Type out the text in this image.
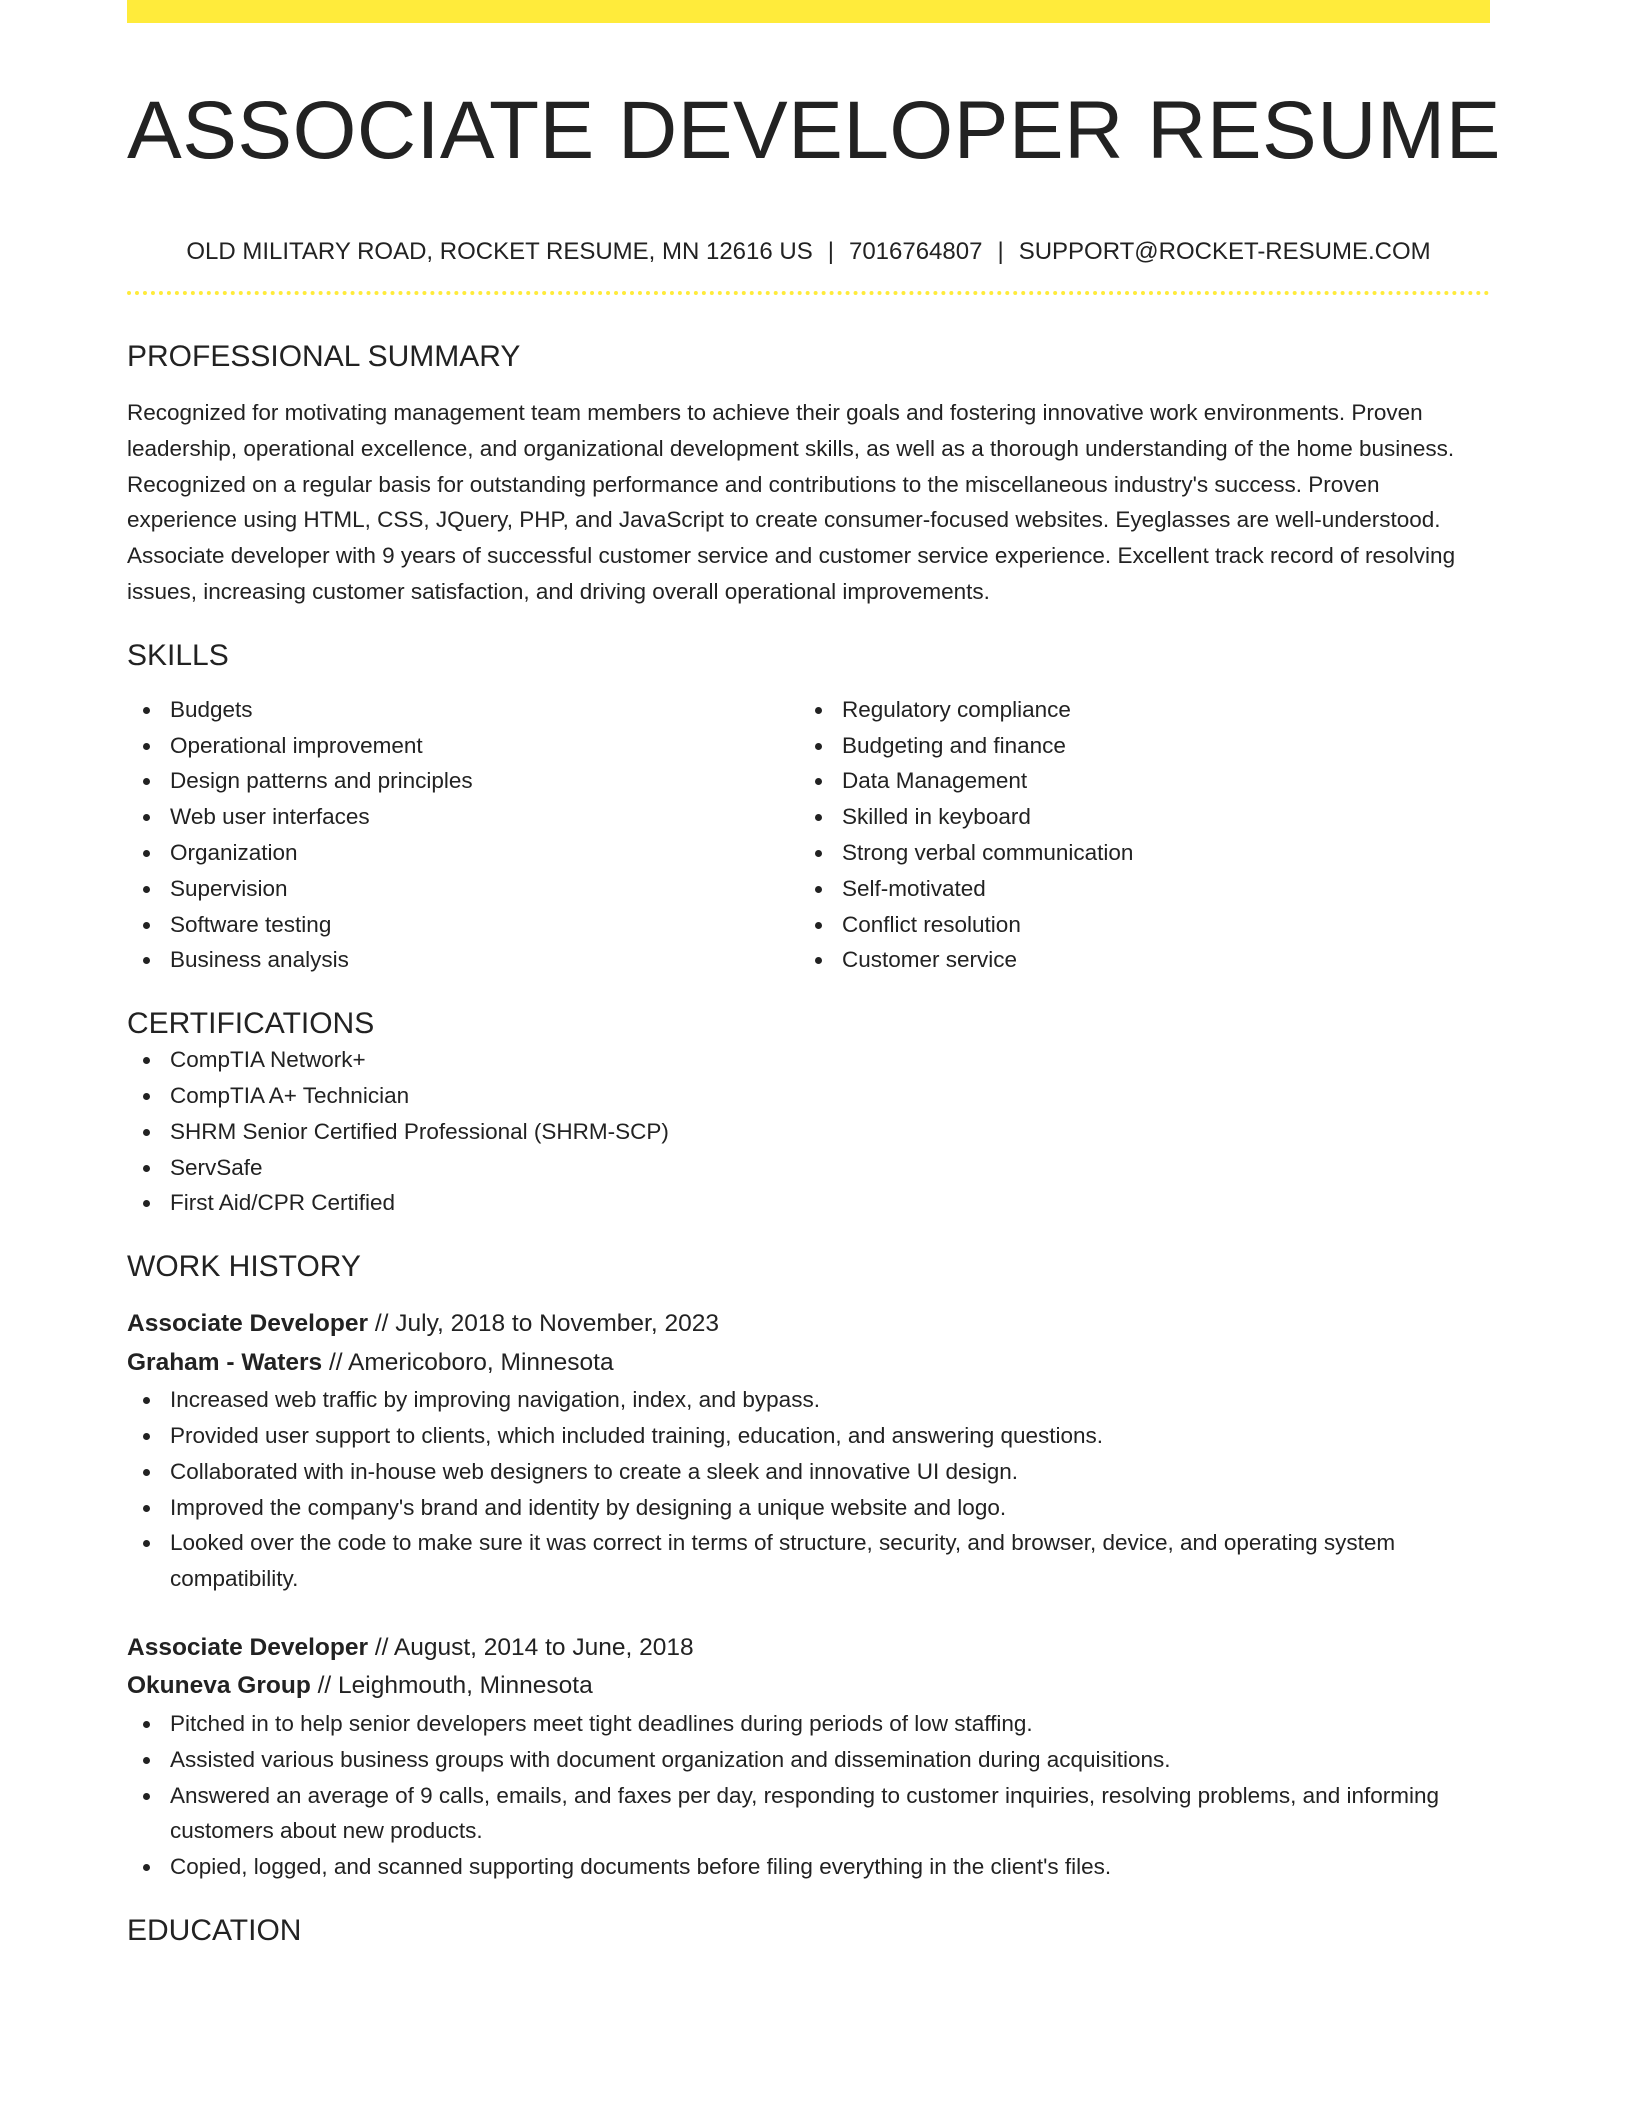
ASSOCIATE DEVELOPER RESUME
OLD MILITARY ROAD, ROCKET RESUME, MN 12616 US | 7016764807 | SUPPORT@ROCKET-RESUME.COM
PROFESSIONAL SUMMARY

Recognized for motivating management team members to achieve their goals and fostering innovative work environments. Proven leadership, operational excellence, and organizational development skills, as well as a thorough understanding of the home business. Recognized on a regular basis for outstanding performance and contributions to the miscellaneous industry's success. Proven experience using HTML, CSS, JQuery, PHP, and JavaScript to create consumer-focused websites. Eyeglasses are well-understood. Associate developer with 9 years of successful customer service and customer service experience. Excellent track record of resolving issues, increasing customer satisfaction, and driving overall operational improvements.

SKILLS
Budgets
Operational improvement
Design patterns and principles
Web user interfaces
Organization
Supervision
Software testing
Business analysis
Regulatory compliance
Budgeting and finance
Data Management
Skilled in keyboard
Strong verbal communication
Self-motivated
Conflict resolution
Customer service
CERTIFICATIONS
CompTIA Network+
CompTIA A+ Technician
SHRM Senior Certified Professional (SHRM-SCP)
ServSafe
First Aid/CPR Certified
WORK HISTORY
Associate Developer // July, 2018 to November, 2023
Graham - Waters // Americoboro, Minnesota
Increased web traffic by improving navigation, index, and bypass.
Provided user support to clients, which included training, education, and answering questions.
Collaborated with in-house web designers to create a sleek and innovative UI design.
Improved the company's brand and identity by designing a unique website and logo.
Looked over the code to make sure it was correct in terms of structure, security, and browser, device, and operating system compatibility.
Associate Developer // August, 2014 to June, 2018
Okuneva Group // Leighmouth, Minnesota
Pitched in to help senior developers meet tight deadlines during periods of low staffing.
Assisted various business groups with document organization and dissemination during acquisitions.
Answered an average of 9 calls, emails, and faxes per day, responding to customer inquiries, resolving problems, and informing customers about new products.
Copied, logged, and scanned supporting documents before filing everything in the client's files.
EDUCATION
